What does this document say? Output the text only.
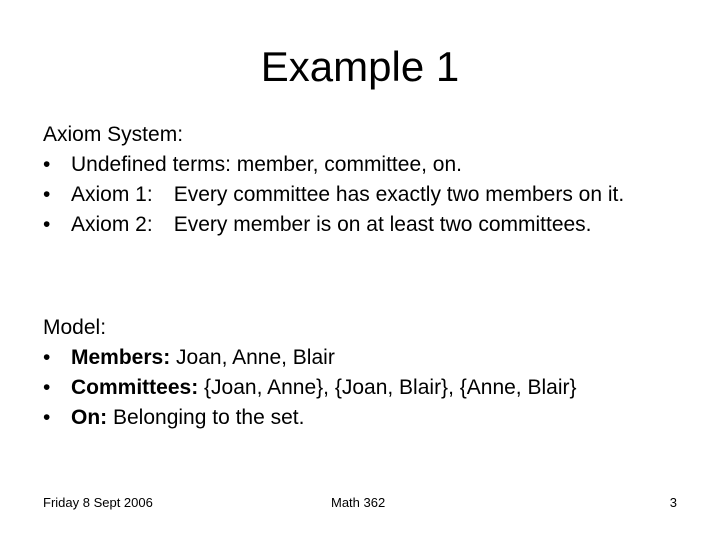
Example 1
Axiom System:
• Undefined terms: member, committee, on.
• Axiom 1: Every committee has exactly two members on it.
• Axiom 2: Every member is on at least two committees.
Model:
• Members: Joan, Anne, Blair
• Committees: {Joan, Anne}, {Joan, Blair}, {Anne, Blair}
• On: Belonging to the set.
Friday 8 Sept 2006	Math 362	3
